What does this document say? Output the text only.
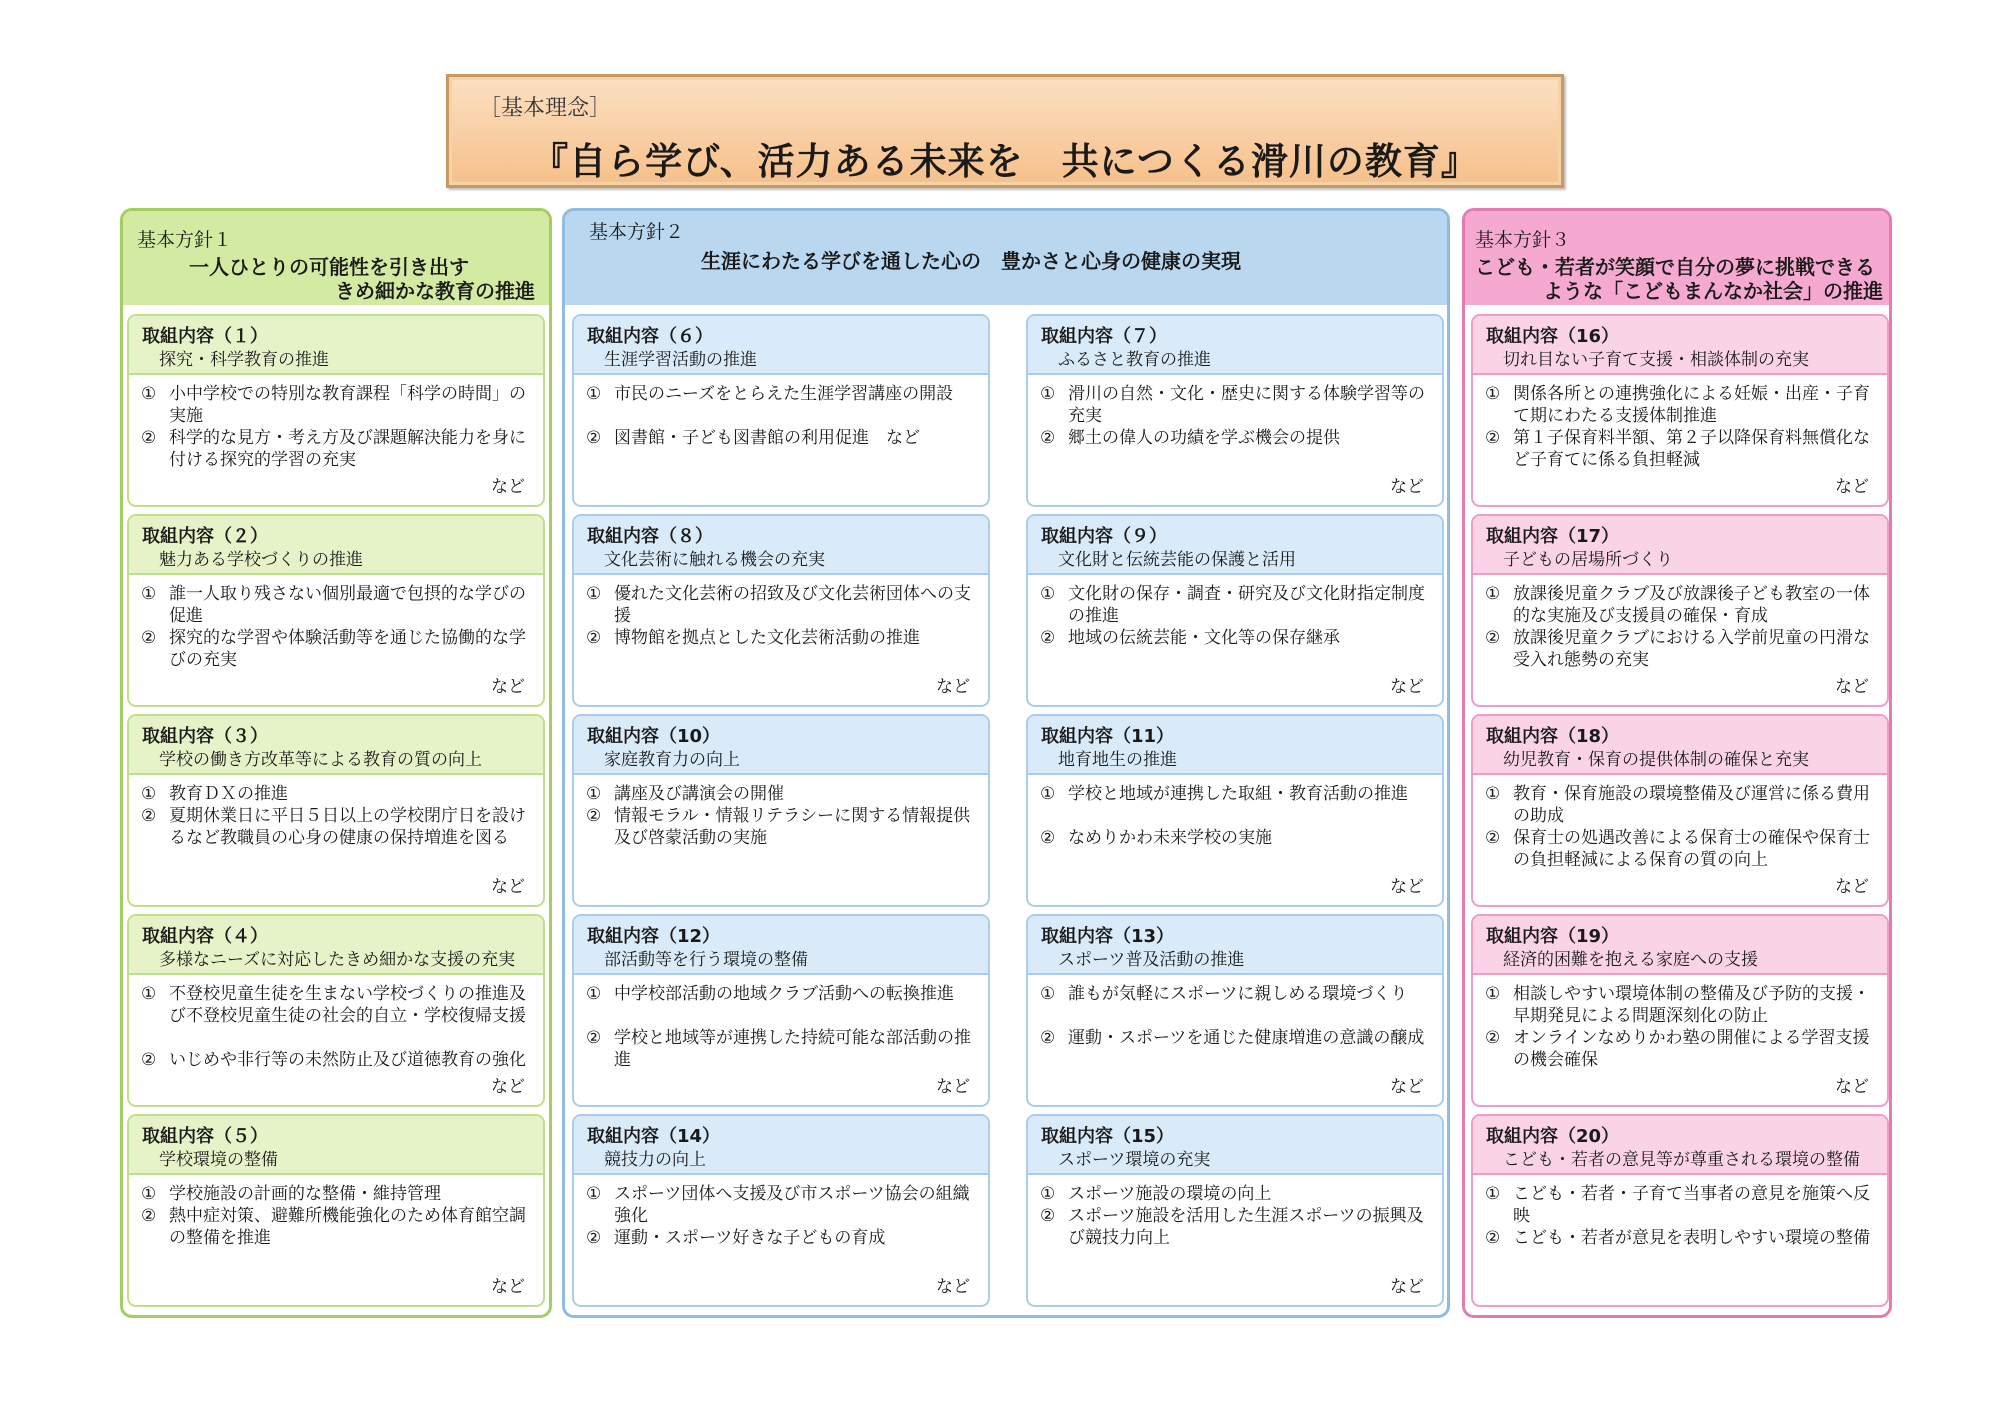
［基本理念］
『自ら学び、活力ある未来を　共につくる滑川の教育』
基本方針１
一人ひとりの可能性を引き出す
きめ細かな教育の推進
基本方針２
生涯にわたる学びを通した心の　豊かさと心身の健康の実現
基本方針３
こども・若者が笑顔で自分の夢に挑戦できる
ような「こどもまんなか社会」の推進
取組内容（１）
探究・科学教育の推進
① 小中学校での特別な教育課程「科学の時間」の実施
② 科学的な見方・考え方及び課題解決能力を身に付ける探究的学習の充実
など
取組内容（２）
魅力ある学校づくりの推進
① 誰一人取り残さない個別最適で包摂的な学びの促進
② 探究的な学習や体験活動等を通じた協働的な学びの充実
など
取組内容（３）
学校の働き方改革等による教育の質の向上
① 教育ＤＸの推進
② 夏期休業日に平日５日以上の学校閉庁日を設けるなど教職員の心身の健康の保持増進を図る
など
取組内容（４）
多様なニーズに対応したきめ細かな支援の充実
① 不登校児童生徒を生まない学校づくりの推進及び不登校児童生徒の社会的自立・学校復帰支援
② いじめや非行等の未然防止及び道徳教育の強化
など
取組内容（５）
学校環境の整備
① 学校施設の計画的な整備・維持管理
② 熱中症対策、避難所機能強化のため体育館空調の整備を推進
など
取組内容（６）
生涯学習活動の推進
① 市民のニーズをとらえた生涯学習講座の開設
② 図書館・子ども図書館の利用促進　など
取組内容（８）
文化芸術に触れる機会の充実
① 優れた文化芸術の招致及び文化芸術団体への支援
② 博物館を拠点とした文化芸術活動の推進
など
取組内容（10）
家庭教育力の向上
① 講座及び講演会の開催
② 情報モラル・情報リテラシーに関する情報提供及び啓蒙活動の実施
取組内容（12）
部活動等を行う環境の整備
① 中学校部活動の地域クラブ活動への転換推進
② 学校と地域等が連携した持続可能な部活動の推進
など
取組内容（14）
競技力の向上
① スポーツ団体へ支援及び市スポーツ協会の組織強化
② 運動・スポーツ好きな子どもの育成
など
取組内容（７）
ふるさと教育の推進
① 滑川の自然・文化・歴史に関する体験学習等の充実
② 郷土の偉人の功績を学ぶ機会の提供
など
取組内容（９）
文化財と伝統芸能の保護と活用
① 文化財の保存・調査・研究及び文化財指定制度の推進
② 地域の伝統芸能・文化等の保存継承
など
取組内容（11）
地育地生の推進
① 学校と地域が連携した取組・教育活動の推進
② なめりかわ未来学校の実施
など
取組内容（13）
スポーツ普及活動の推進
① 誰もが気軽にスポーツに親しめる環境づくり
② 運動・スポーツを通じた健康増進の意識の醸成
など
取組内容（15）
スポーツ環境の充実
① スポーツ施設の環境の向上
② スポーツ施設を活用した生涯スポーツの振興及び競技力向上
など
取組内容（16）
切れ目ない子育て支援・相談体制の充実
① 関係各所との連携強化による妊娠・出産・子育て期にわたる支援体制推進
② 第１子保育料半額、第２子以降保育料無償化など子育てに係る負担軽減
など
取組内容（17）
子どもの居場所づくり
① 放課後児童クラブ及び放課後子ども教室の一体的な実施及び支援員の確保・育成
② 放課後児童クラブにおける入学前児童の円滑な受入れ態勢の充実
など
取組内容（18）
幼児教育・保育の提供体制の確保と充実
① 教育・保育施設の環境整備及び運営に係る費用の助成
② 保育士の処遇改善による保育士の確保や保育士の負担軽減による保育の質の向上
など
取組内容（19）
経済的困難を抱える家庭への支援
① 相談しやすい環境体制の整備及び予防的支援・早期発見による問題深刻化の防止
② オンラインなめりかわ塾の開催による学習支援の機会確保
など
取組内容（20）
こども・若者の意見等が尊重される環境の整備
① こども・若者・子育て当事者の意見を施策へ反映
② こども・若者が意見を表明しやすい環境の整備
